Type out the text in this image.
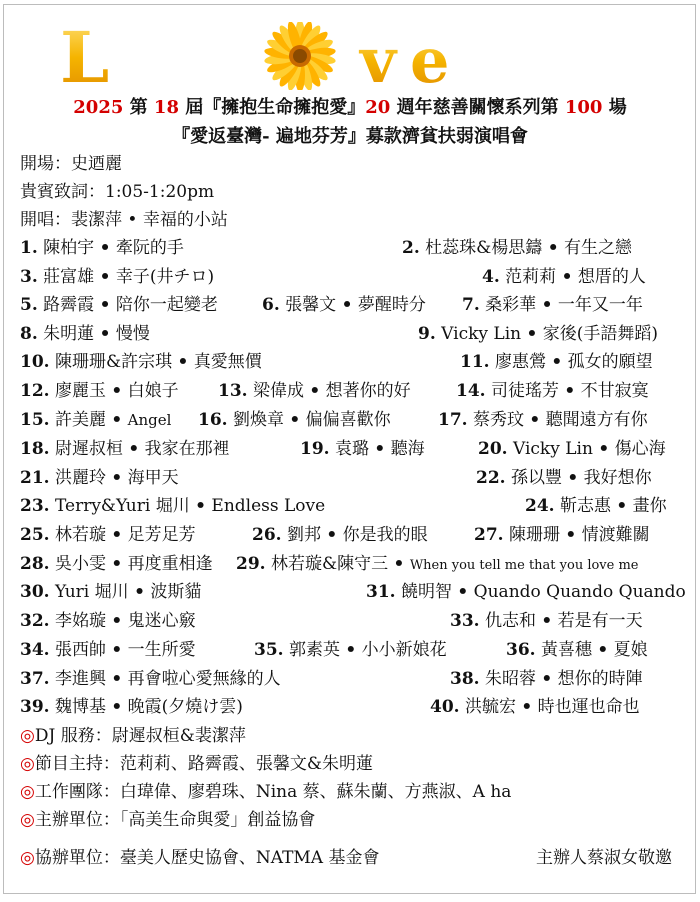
L	ve
2025 第 18 屆『擁抱生命擁抱愛』20 週年慈善關懷系列第 100 場
『愛返臺灣- 遍地芬芳』募款濟貧扶弱演唱會
開場：史迺麗
貴賓致詞：1:05-1:20pm
開唱：裴潔萍 • 幸福的小站
1. 陳柏宇 • 牽阮的手	2. 杜蕊珠&楊思鑄 • 有生之戀
3. 莊富雄 • 幸子(井チロ)	4. 范莉莉 • 想厝的人
5. 路霽霞 • 陪你一起變老	6. 張馨文 • 夢醒時分 7. 桑彩華 • 一年又一年
8. 朱明蓮 • 慢慢	9. Vicky Lin • 家後(手語舞蹈)
10. 陳珊珊&許宗琪 • 真愛無價	11. 廖惠鶯 • 孤女的願望
12. 廖麗玉 • 白娘子 13. 梁偉成 • 想著你的好	14. 司徒瑤芳 • 不甘寂寞
15. 許美麗 • Angel 16. 劉煥章 • 偏偏喜歡你	17. 蔡秀玟 • 聽聞遠方有你
18. 尉遲叔桓 • 我家在那裡	19. 袁璐 • 聽海	20. Vicky Lin • 傷心海
21. 洪麗玲 • 海甲天	22. 孫以豐 • 我好想你
23. Terry&Yuri 堀川 • Endless Love	24. 靳志惠 • 畫你
25. 林若璇 • 足芳足芳	26. 劉邦 • 你是我的眼	27. 陳珊珊 • 情渡難關
28. 吳小雯 • 再度重相逢 29. 林若璇&陳守三 • When you tell me that you love me
30. Yuri 堀川 • 波斯貓	31. 饒明智 • Quando Quando Quando
32. 李姳璇 • 鬼迷心竅	33. 仇志和 • 若是有一天
34. 張西帥 • 一生所愛	35. 郭素英 • 小小新娘花	36. 黃喜穗 • 夏娘
37. 李進興 • 再會啦心愛無緣的人	38. 朱昭蓉 • 想你的時陣
39. 魏博基 • 晚霞(夕燒け雲)	40. 洪毓宏 • 時也運也命也
◎DJ 服務：尉遲叔桓&裴潔萍
◎節目主持：范莉莉、路霽霞、張馨文&朱明蓮
◎工作團隊：白瑋偉、廖碧珠、Nina 蔡、蘇朱蘭、方燕淑、A ha
◎主辦單位：「高美生命與愛」創益協會
◎協辦單位：臺美人歷史協會、NATMA 基金會	主辦人蔡淑女敬邀
